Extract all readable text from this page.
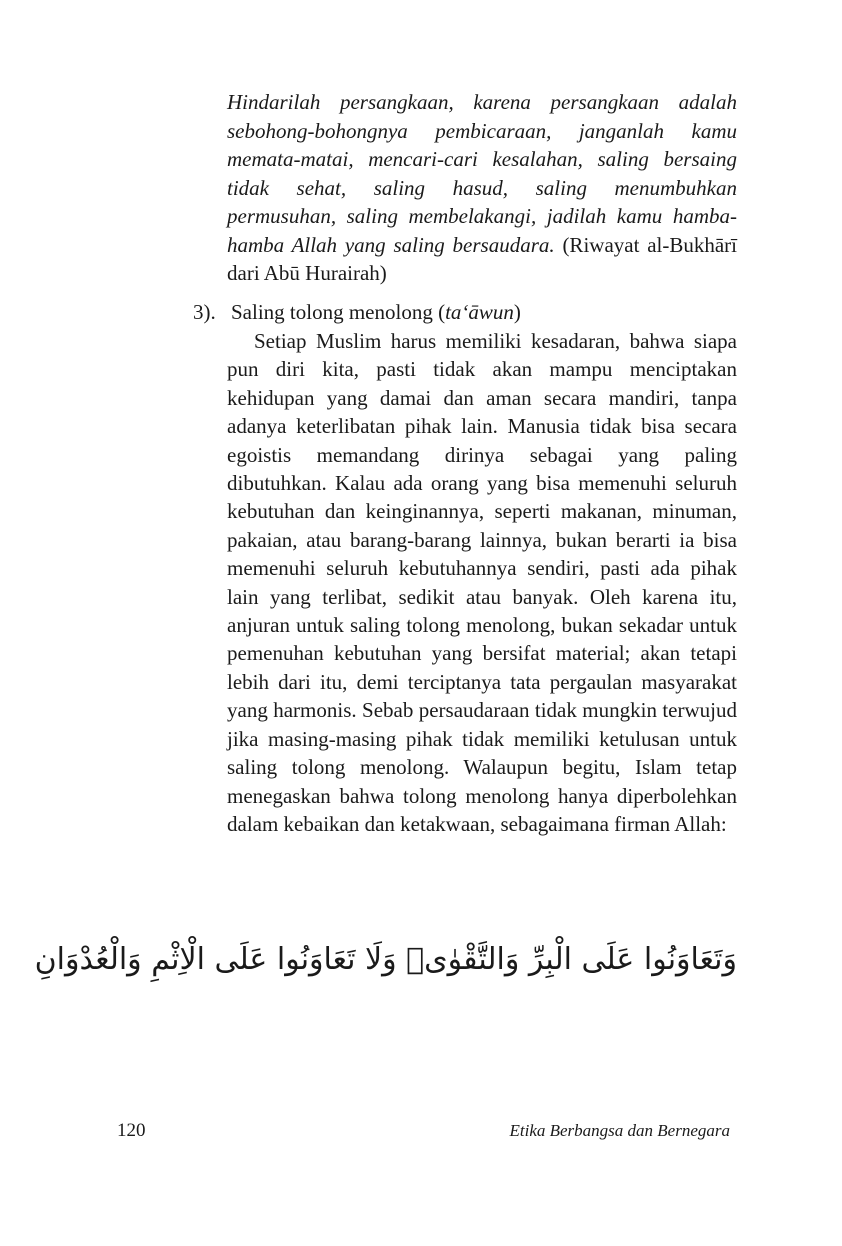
Hindarilah persangkaan, karena persangkaan adalah sebohong-bohongnya pembicaraan, janganlah kamu memata-matai, mencari-cari kesalahan, saling bersaing tidak sehat, saling hasud, saling menumbuhkan permusuhan, saling membelakangi, jadilah kamu hamba-hamba Allah yang saling bersaudara. (Riwayat al-Bukhārī dari Abū Hurairah)
3). Saling tolong menolong (ta‘āwun)
Setiap Muslim harus memiliki kesadaran, bahwa siapa pun diri kita, pasti tidak akan mampu menciptakan kehidupan yang damai dan aman secara mandiri, tanpa adanya keterlibatan pihak lain. Manusia tidak bisa secara egoistis memandang dirinya sebagai yang paling dibutuhkan. Kalau ada orang yang bisa memenuhi seluruh kebutuhan dan keinginannya, seperti makanan, minuman, pakaian, atau barang-barang lainnya, bukan berarti ia bisa memenuhi seluruh kebutuhannya sendiri, pasti ada pihak lain yang terlibat, sedikit atau banyak. Oleh karena itu, anjuran untuk saling tolong menolong, bukan sekadar untuk pemenuhan kebutuhan yang bersifat material; akan tetapi lebih dari itu, demi terciptanya tata pergaulan masyarakat yang harmonis. Sebab persaudaraan tidak mungkin terwujud jika masing-masing pihak tidak memiliki ketulusan untuk saling tolong menolong. Walaupun begitu, Islam tetap menegaskan bahwa tolong menolong hanya diperbolehkan dalam kebaikan dan ketakwaan, sebagaimana firman Allah:
وَتَعَاوَنُوا عَلَى الْبِرِّ وَالتَّقْوٰىۖ وَلَا تَعَاوَنُوا عَلَى الْاِثْمِ وَالْعُدْوَانِ
120	Etika Berbangsa dan Bernegara
